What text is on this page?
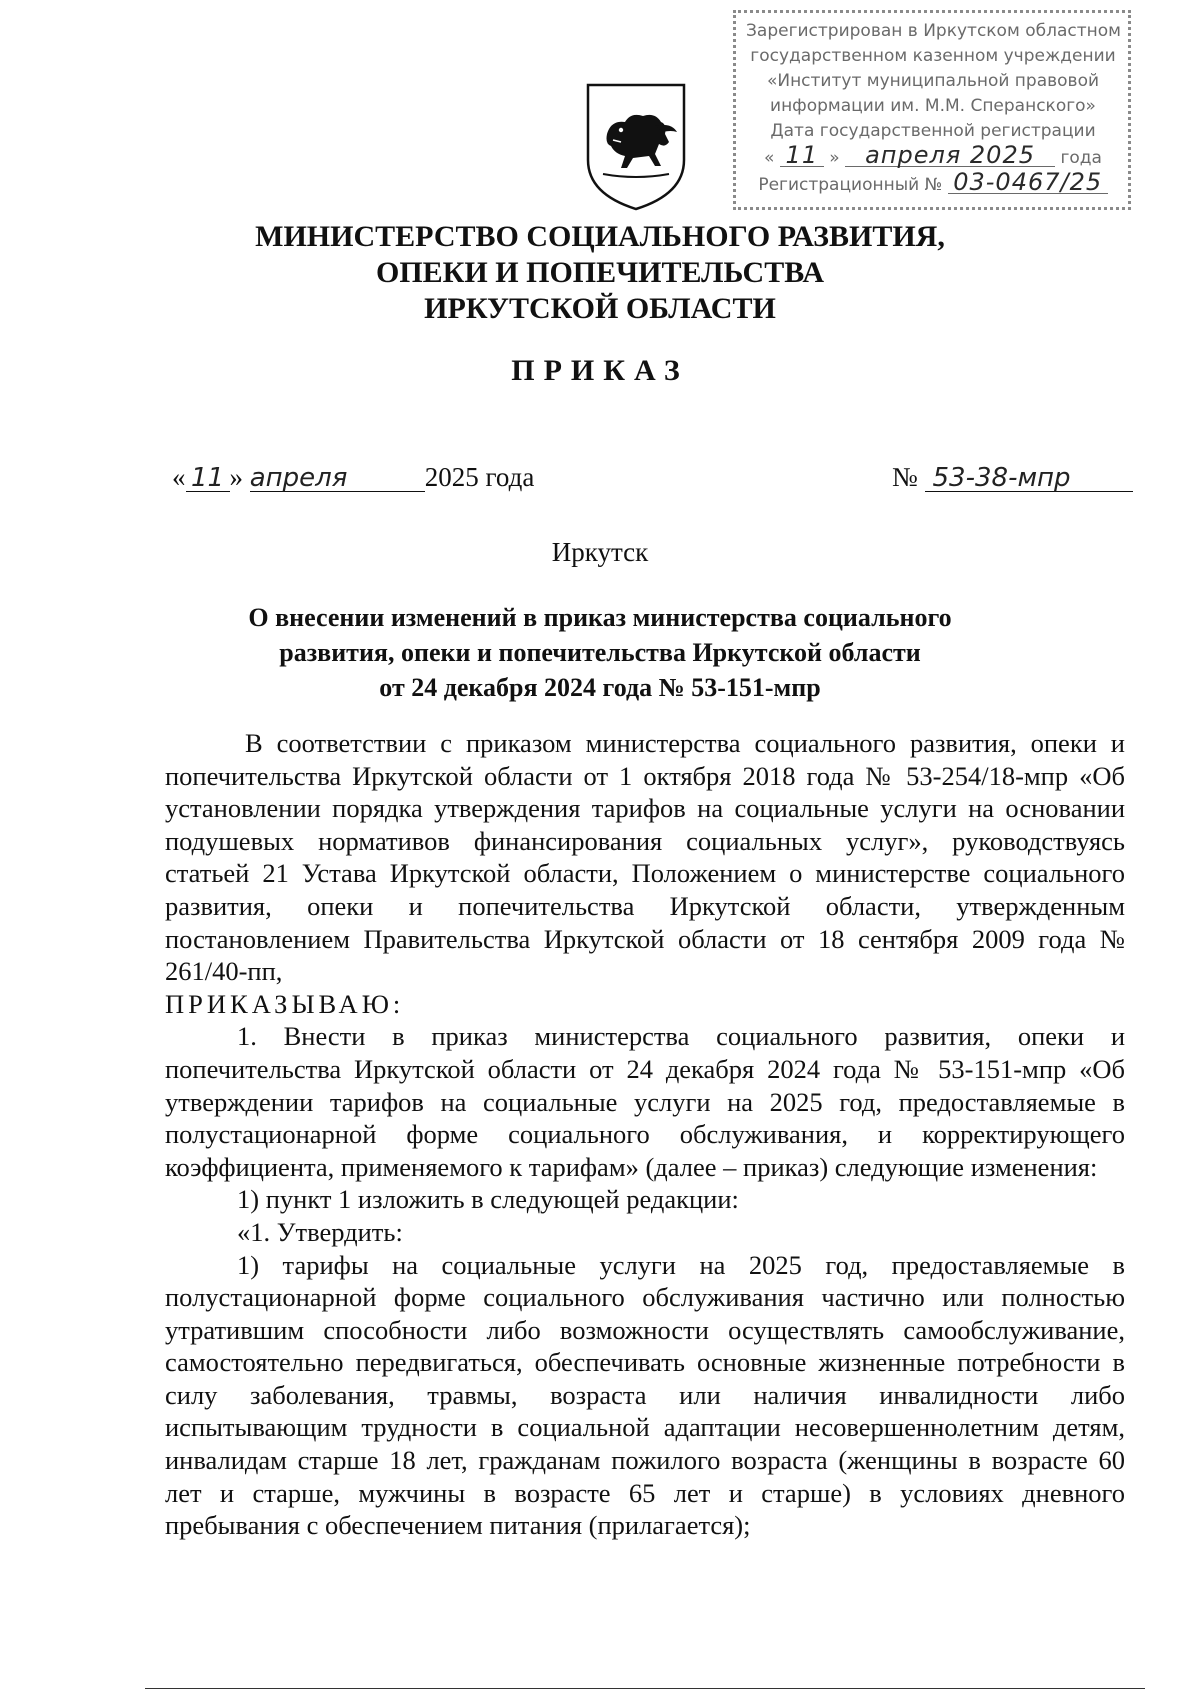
Зарегистрирован в Иркутском областном
государственном казенном учреждении
«Институт муниципальной правовой
информации им. М.М. Сперанского»
Дата государственной регистрации
« 11 » апреля 2025 года
Регистрационный № 03-0467/25
МИНИСТЕРСТВО СОЦИАЛЬНОГО РАЗВИТИЯ,
ОПЕКИ И ПОПЕЧИТЕЛЬСТВА
ИРКУТСКОЙ ОБЛАСТИ
ПРИКАЗ
« 11 » апреля	2025 года	№ 53-38-мпр
Иркутск
О внесении изменений в приказ министерства социального
развития, опеки и попечительства Иркутской области
от 24 декабря 2024 года № 53-151-мпр

В соответствии с приказом министерства социального развития, опеки и попечительства Иркутской области от 1 октября 2018 года № 53-254/18-мпр «Об установлении порядка утверждения тарифов на социальные услуги на основании подушевых нормативов финансирования социальных услуг», руководствуясь статьей 21 Устава Иркутской области, Положением о министерстве социального развития, опеки и попечительства Иркутской области, утвержденным постановлением Правительства Иркутской области от 18 сентября 2009 года № 261/40-пп,

ПРИКАЗЫВАЮ:

1. Внести в приказ министерства социального развития, опеки и попечительства Иркутской области от 24 декабря 2024 года № 53-151-мпр «Об утверждении тарифов на социальные услуги на 2025 год, предоставляемые в полустационарной форме социального обслуживания, и корректирующего коэффициента, применяемого к тарифам» (далее – приказ) следующие изменения:

1) пункт 1 изложить в следующей редакции:

«1. Утвердить:

1) тарифы на социальные услуги на 2025 год, предоставляемые в полустационарной форме социального обслуживания частично или полностью утратившим способности либо возможности осуществлять самообслуживание, самостоятельно передвигаться, обеспечивать основные жизненные потребности в силу заболевания, травмы, возраста или наличия инвалидности либо испытывающим трудности в социальной адаптации несовершеннолетним детям, инвалидам старше 18 лет, гражданам пожилого возраста (женщины в возрасте 60 лет и старше, мужчины в возрасте 65 лет и старше) в условиях дневного пребывания с обеспечением питания (прилагается);
